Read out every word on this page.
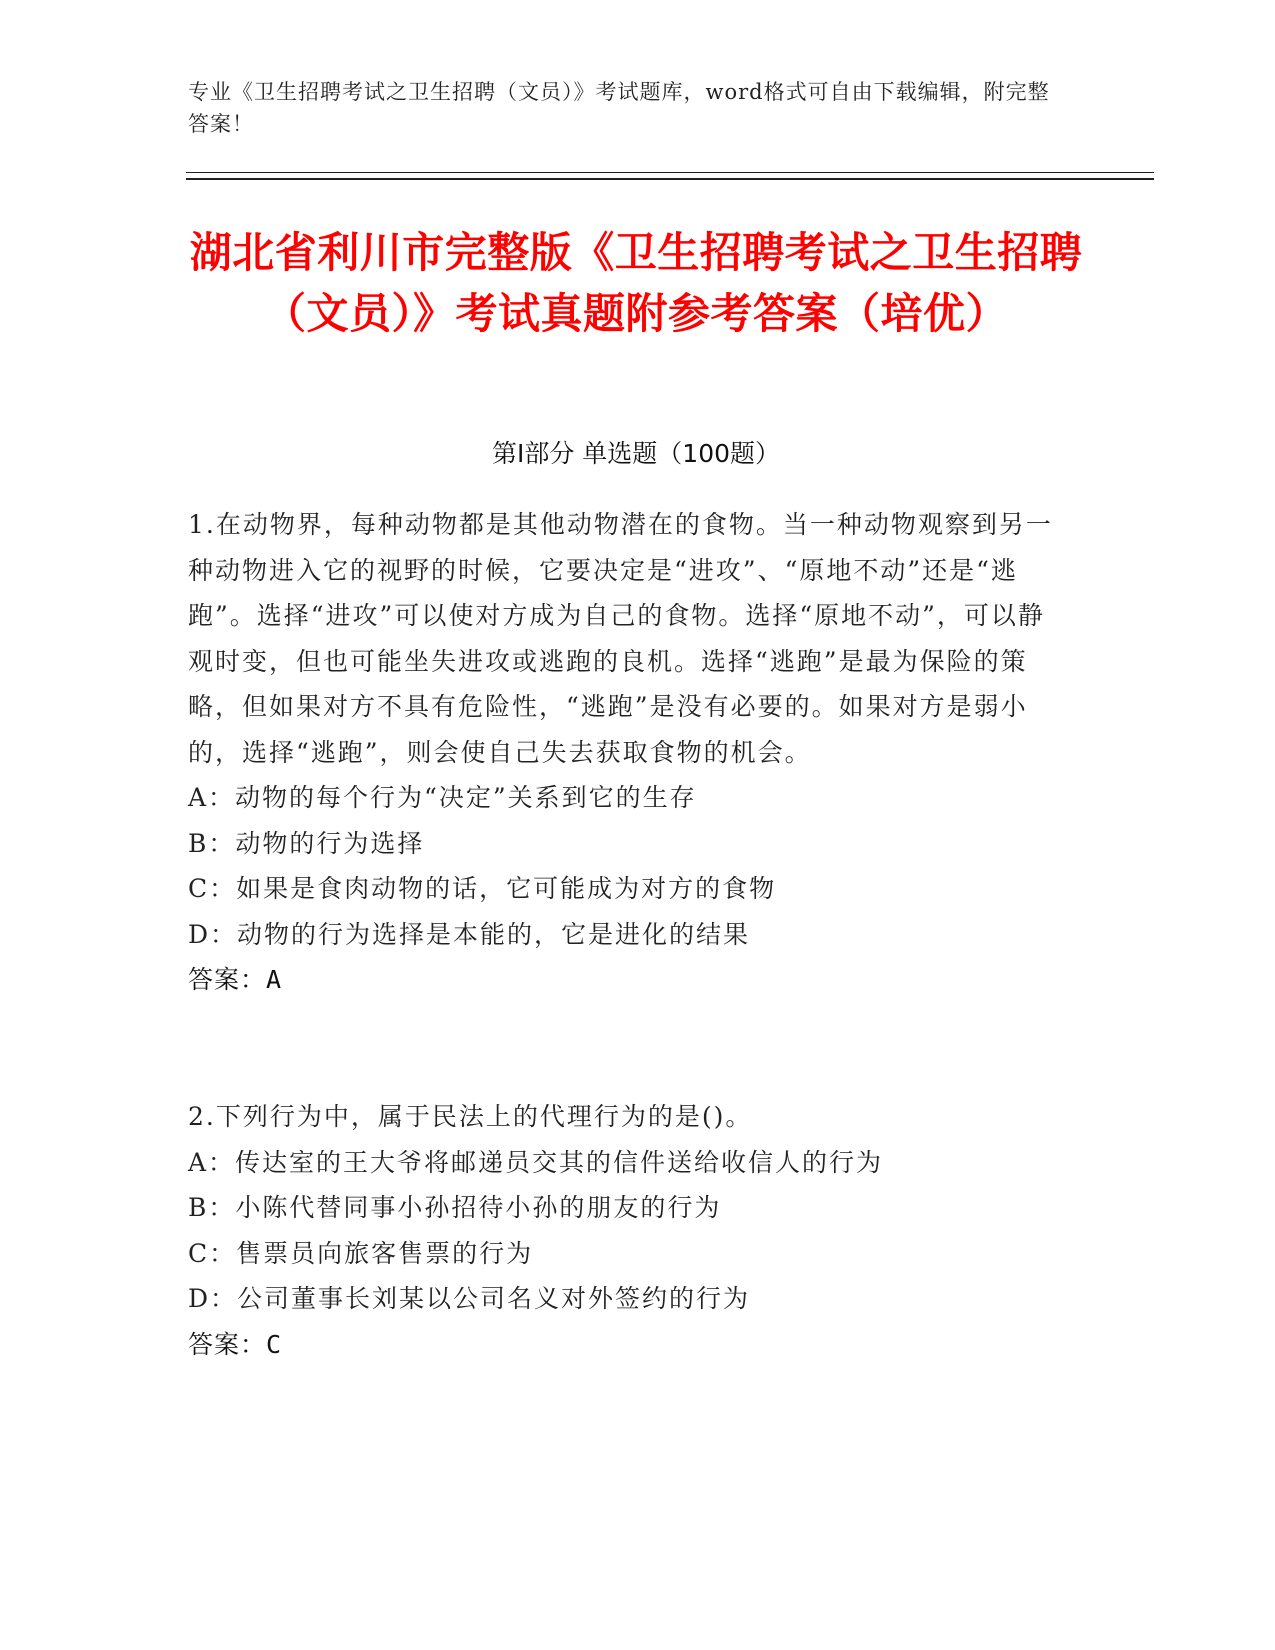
专业《卫生招聘考试之卫生招聘（文员）》考试题库，word格式可自由下载编辑，附完整答案！
湖北省利川市完整版《卫生招聘考试之卫生招聘（文员）》考试真题附参考答案（培优）
第Ⅰ部分 单选题（100题）
1.在动物界，每种动物都是其他动物潜在的食物。当一种动物观察到另一种动物进入它的视野的时候，它要决定是“进攻”、“原地不动”还是“逃跑”。选择“进攻”可以使对方成为自己的食物。选择“原地不动”，可以静观时变，但也可能坐失进攻或逃跑的良机。选择“逃跑”是最为保险的策略，但如果对方不具有危险性，“逃跑”是没有必要的。如果对方是弱小的，选择“逃跑”，则会使自己失去获取食物的机会。
A：动物的每个行为“决定”关系到它的生存
B：动物的行为选择
C：如果是食肉动物的话，它可能成为对方的食物
D：动物的行为选择是本能的，它是进化的结果
答案：A
2.下列行为中，属于民法上的代理行为的是()。
A：传达室的王大爷将邮递员交其的信件送给收信人的行为
B：小陈代替同事小孙招待小孙的朋友的行为
C：售票员向旅客售票的行为
D：公司董事长刘某以公司名义对外签约的行为
答案：C
